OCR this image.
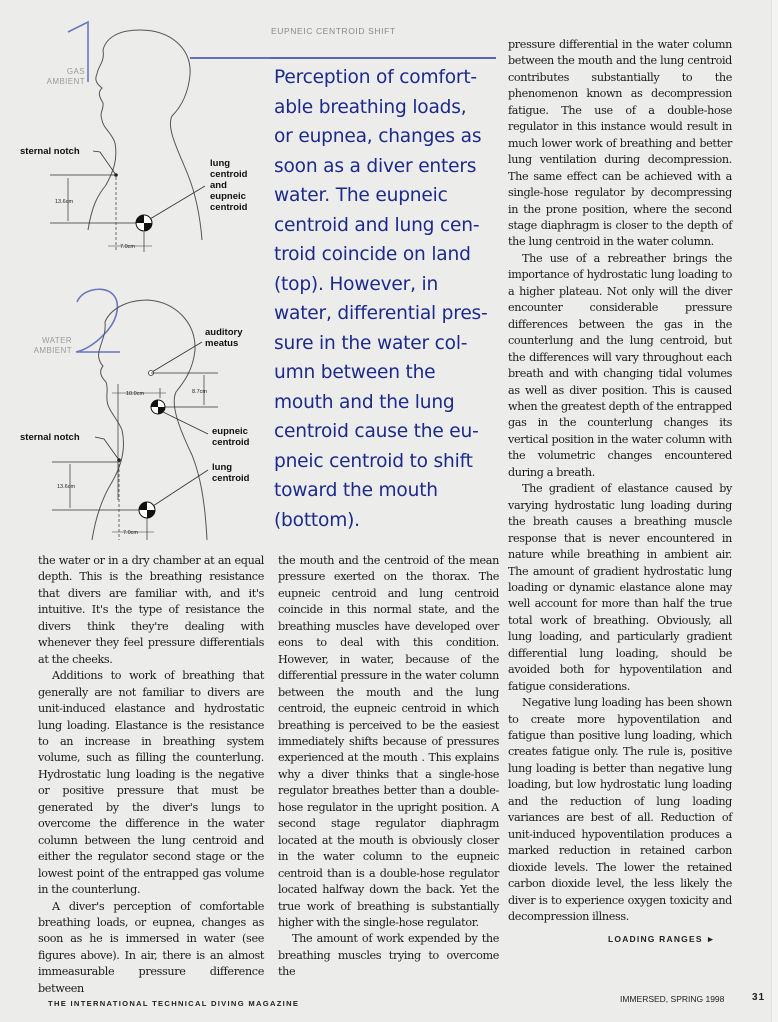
EUPNEIC CENTROID SHIFT
GAS
AMBIENT
sternal notch
13.6cm
7.0cm
lung
centroid
and
eupneic
centroid
WATER
AMBIENT
auditory
meatus
8.7cm
10.0cm
eupneic
centroid
sternal notch
13.6cm
7.0cm
lung
centroid
Perception of comfort-
able breathing loads,
or eupnea, changes as
soon as a diver enters
water. The eupneic
centroid and lung cen-
troid coincide on land
(top). However, in
water, differential pres-
sure in the water col-
umn between the
mouth and the lung
centroid cause the eu-
pneic centroid to shift
toward the mouth
(bottom).

the water or in a dry chamber at an equal depth. This is the breathing resistance that divers are familiar with, and it's intuitive. It's the type of resistance the divers think they're dealing with whenever they feel pressure differentials at the cheeks.

Additions to work of breathing that generally are not familiar to divers are unit-induced elastance and hydrostatic lung loading. Elastance is the resistance to an increase in breathing system volume, such as filling the counterlung. Hydrostatic lung loading is the negative or positive pressure that must be generated by the diver's lungs to overcome the difference in the water column between the lung centroid and either the regulator second stage or the lowest point of the entrapped gas volume in the counterlung.

A diver's perception of comfortable breathing loads, or eupnea, changes as soon as he is immersed in water (see figures above). In air, there is an almost immeasurable pressure difference between

the mouth and the centroid of the mean pressure exerted on the thorax. The eupneic centroid and lung centroid coincide in this normal state, and the breathing muscles have developed over eons to deal with this condition. However, in water, because of the differential pressure in the water column between the mouth and the lung centroid, the eupneic centroid in which breathing is perceived to be the easiest immediately shifts because of pressures experienced at the mouth . This explains why a diver thinks that a single-hose regulator breathes better than a double-hose regulator in the upright position. A second stage regulator diaphragm located at the mouth is obviously closer in the water column to the eupneic centroid than is a double-hose regulator located halfway down the back. Yet the true work of breathing is substantially higher with the single-hose regulator.

The amount of work expended by the breathing muscles trying to overcome the

pressure differential in the water column between the mouth and the lung centroid contributes substantially to the phenomenon known as decompression fatigue. The use of a double-hose regulator in this instance would result in much lower work of breathing and better lung ventilation during decompression. The same effect can be achieved with a single-hose regulator by decompressing in the prone position, where the second stage diaphragm is closer to the depth of the lung centroid in the water column.

The use of a rebreather brings the importance of hydrostatic lung loading to a higher plateau. Not only will the diver encounter considerable pressure differences between the gas in the counterlung and the lung centroid, but the differences will vary throughout each breath and with changing tidal volumes as well as diver position. This is caused when the greatest depth of the entrapped gas in the counterlung changes its vertical position in the water column with the volumetric changes encountered during a breath.

The gradient of elastance caused by varying hydrostatic lung loading during the breath causes a breathing muscle response that is never encountered in nature while breathing in ambient air. The amount of gradient hydrostatic lung loading or dynamic elastance alone may well account for more than half the true total work of breathing. Obviously, all lung loading, and particularly gradient differential lung loading, should be avoided both for hypoventilation and fatigue considerations.

Negative lung loading has been shown to create more hypoventilation and fatigue than positive lung loading, which creates fatigue only. The rule is, positive lung loading is better than negative lung loading, but low hydrostatic lung loading and the reduction of lung loading variances are best of all. Reduction of unit-induced hypoventilation produces a marked reduction in retained carbon dioxide levels. The lower the retained carbon dioxide level, the less likely the diver is to experience oxygen toxicity and decompression illness.

LOADING RANGES ►
THE INTERNATIONAL TECHNICAL DIVING MAGAZINE	IMMERSED, SPRING 1998	31
